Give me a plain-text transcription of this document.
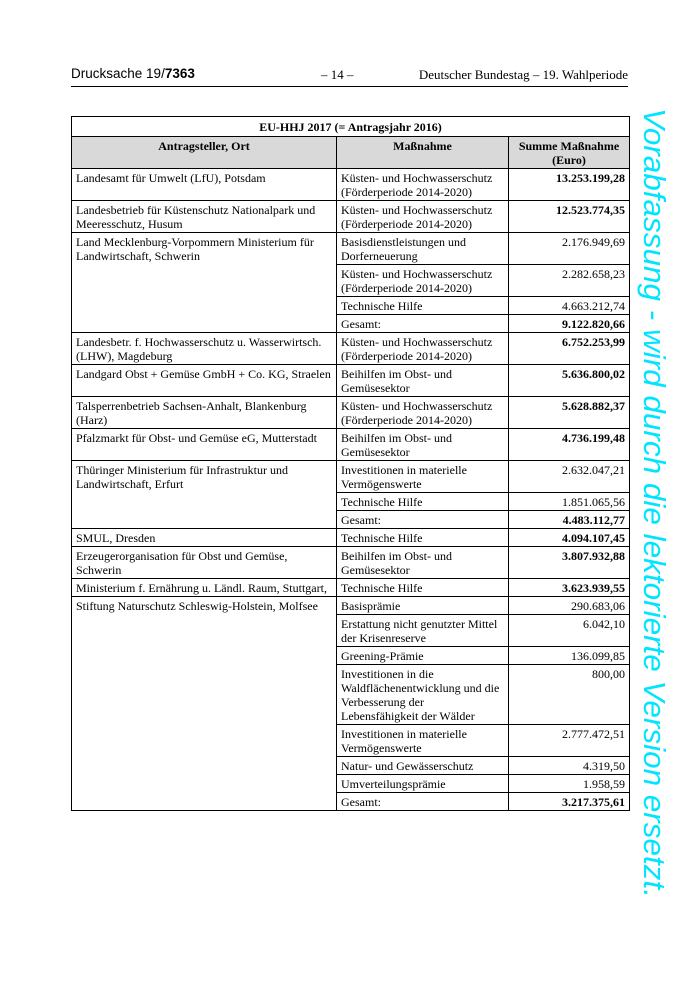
Drucksache 19/7363	– 14 –	Deutscher Bundestag – 19. Wahlperiode
EU-HHJ 2017 (= Antragsjahr 2016)		
Antragsteller, Ort	Maßnahme	Summe Maßnahme
(Euro)
Landesamt für Umwelt (LfU), Potsdam	Küsten- und Hochwasserschutz (Förderperiode 2014-2020)	13.253.199,28
Landesbetrieb für Küstenschutz Nationalpark und Meeresschutz, Husum	Küsten- und Hochwasserschutz (Förderperiode 2014-2020)	12.523.774,35
Land Mecklenburg-Vorpommern Ministerium für Landwirtschaft, Schwerin	Basisdienstleistungen und Dorferneuerung	2.176.949,69
	Küsten- und Hochwasserschutz (Förderperiode 2014-2020)	2.282.658,23
	Technische Hilfe	4.663.212,74
	Gesamt:	9.122.820,66
Landesbetr. f. Hochwasserschutz u. Wasserwirtsch. (LHW), Magdeburg	Küsten- und Hochwasserschutz (Förderperiode 2014-2020)	6.752.253,99
Landgard Obst + Gemüse GmbH + Co. KG, Straelen	Beihilfen im Obst- und Gemüsesektor	5.636.800,02
Talsperrenbetrieb Sachsen-Anhalt, Blankenburg (Harz)	Küsten- und Hochwasserschutz (Förderperiode 2014-2020)	5.628.882,37
Pfalzmarkt für Obst- und Gemüse eG, Mutterstadt	Beihilfen im Obst- und Gemüsesektor	4.736.199,48
Thüringer Ministerium für Infrastruktur und Landwirtschaft, Erfurt	Investitionen in materielle Vermögenswerte	2.632.047,21
	Technische Hilfe	1.851.065,56
	Gesamt:	4.483.112,77
SMUL, Dresden	Technische Hilfe	4.094.107,45
Erzeugerorganisation für Obst und Gemüse, Schwerin	Beihilfen im Obst- und Gemüsesektor	3.807.932,88
Ministerium f. Ernährung u. Ländl. Raum, Stuttgart,	Technische Hilfe	3.623.939,55
Stiftung Naturschutz Schleswig-Holstein, Molfsee	Basisprämie	290.683,06
	Erstattung nicht genutzter Mittel der Krisenreserve	6.042,10
	Greening-Prämie	136.099,85
	Investitionen in die Waldflächenentwicklung und die Verbesserung der Lebensfähigkeit der Wälder	800,00
	Investitionen in materielle Vermögenswerte	2.777.472,51
	Natur- und Gewässerschutz	4.319,50
	Umverteilungsprämie	1.958,59
	Gesamt:	3.217.375,61 Vorabfassung - wird durch die lektorierte Version ersetzt.
